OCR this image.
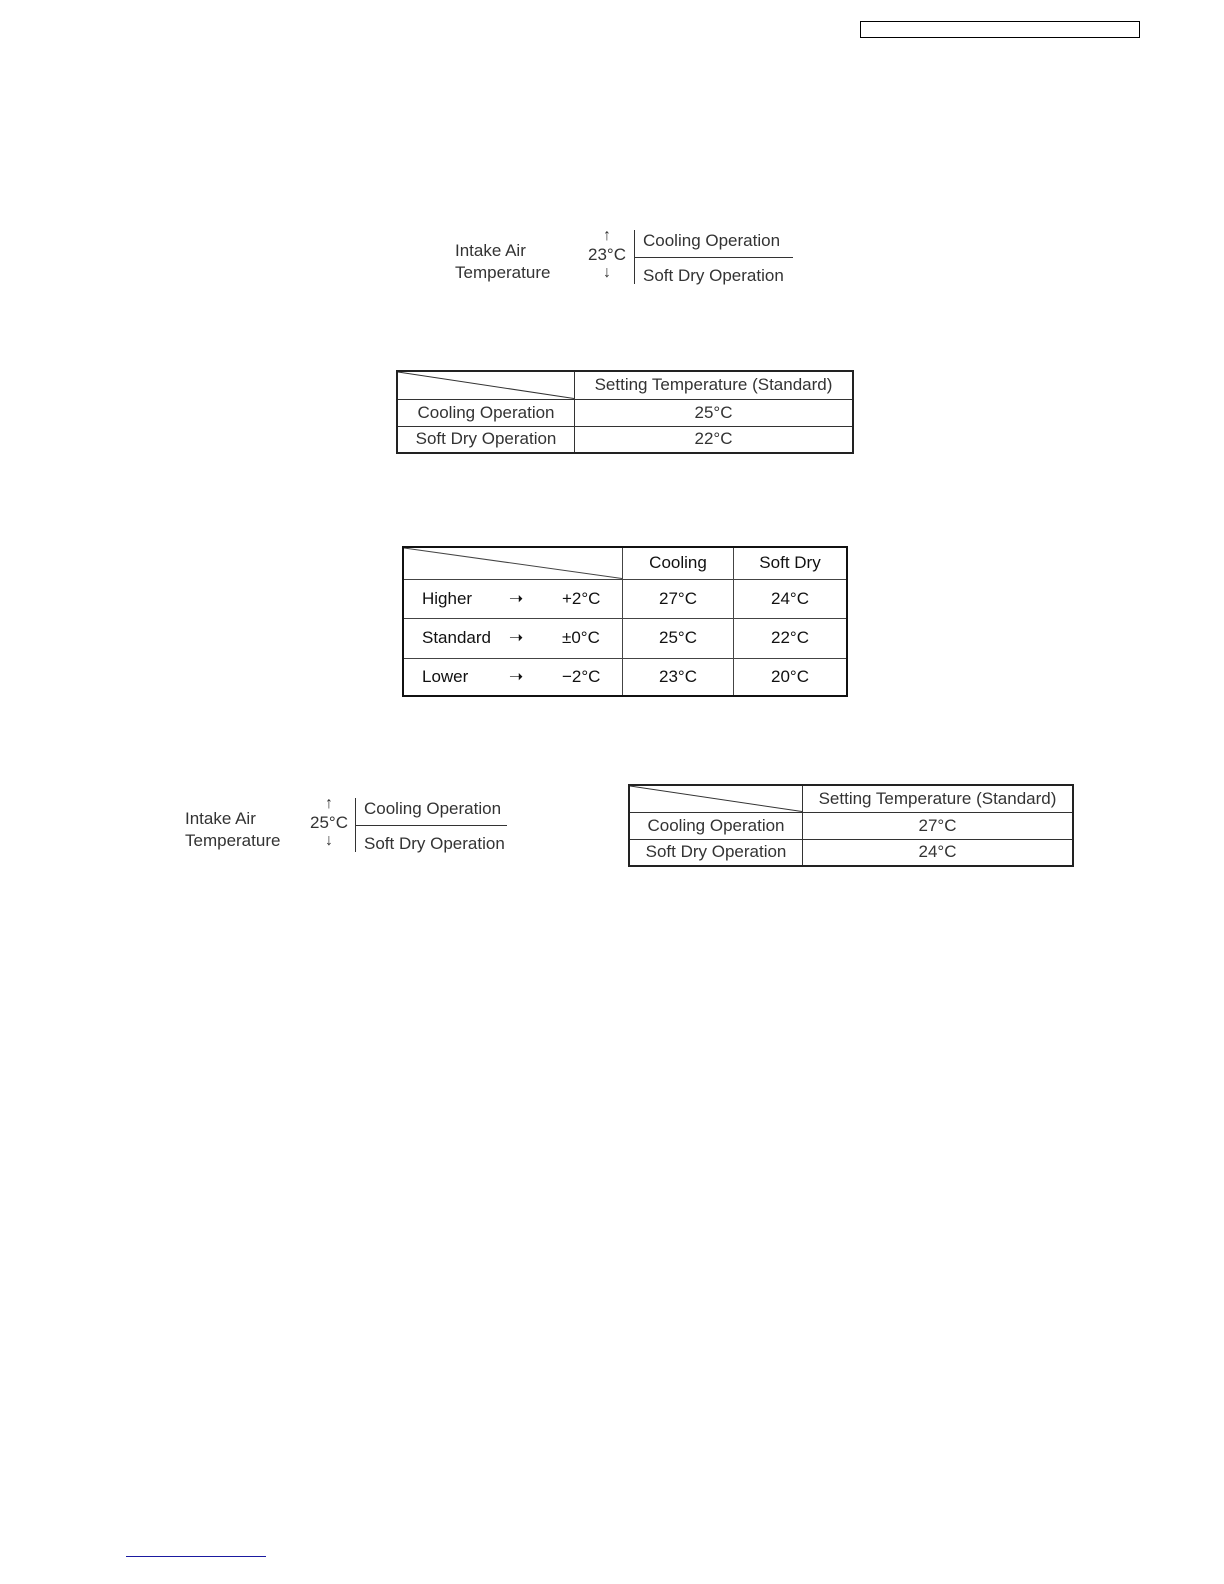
Intake Air
Temperature
↑
23°C
↓
Cooling Operation
Soft Dry Operation
	Setting Temperature (Standard)
Cooling Operation	25°C
Soft Dry Operation	22°C
	Cooling	Soft Dry

Higher ➝ +2°C	27°C	24°C

Standard ➝ ±0°C	25°C	22°C

Lower ➝ −2°C	23°C	20°C
Intake Air
Temperature
↑
25°C
↓
Cooling Operation
Soft Dry Operation
	Setting Temperature (Standard)
Cooling Operation	27°C
Soft Dry Operation	24°C
